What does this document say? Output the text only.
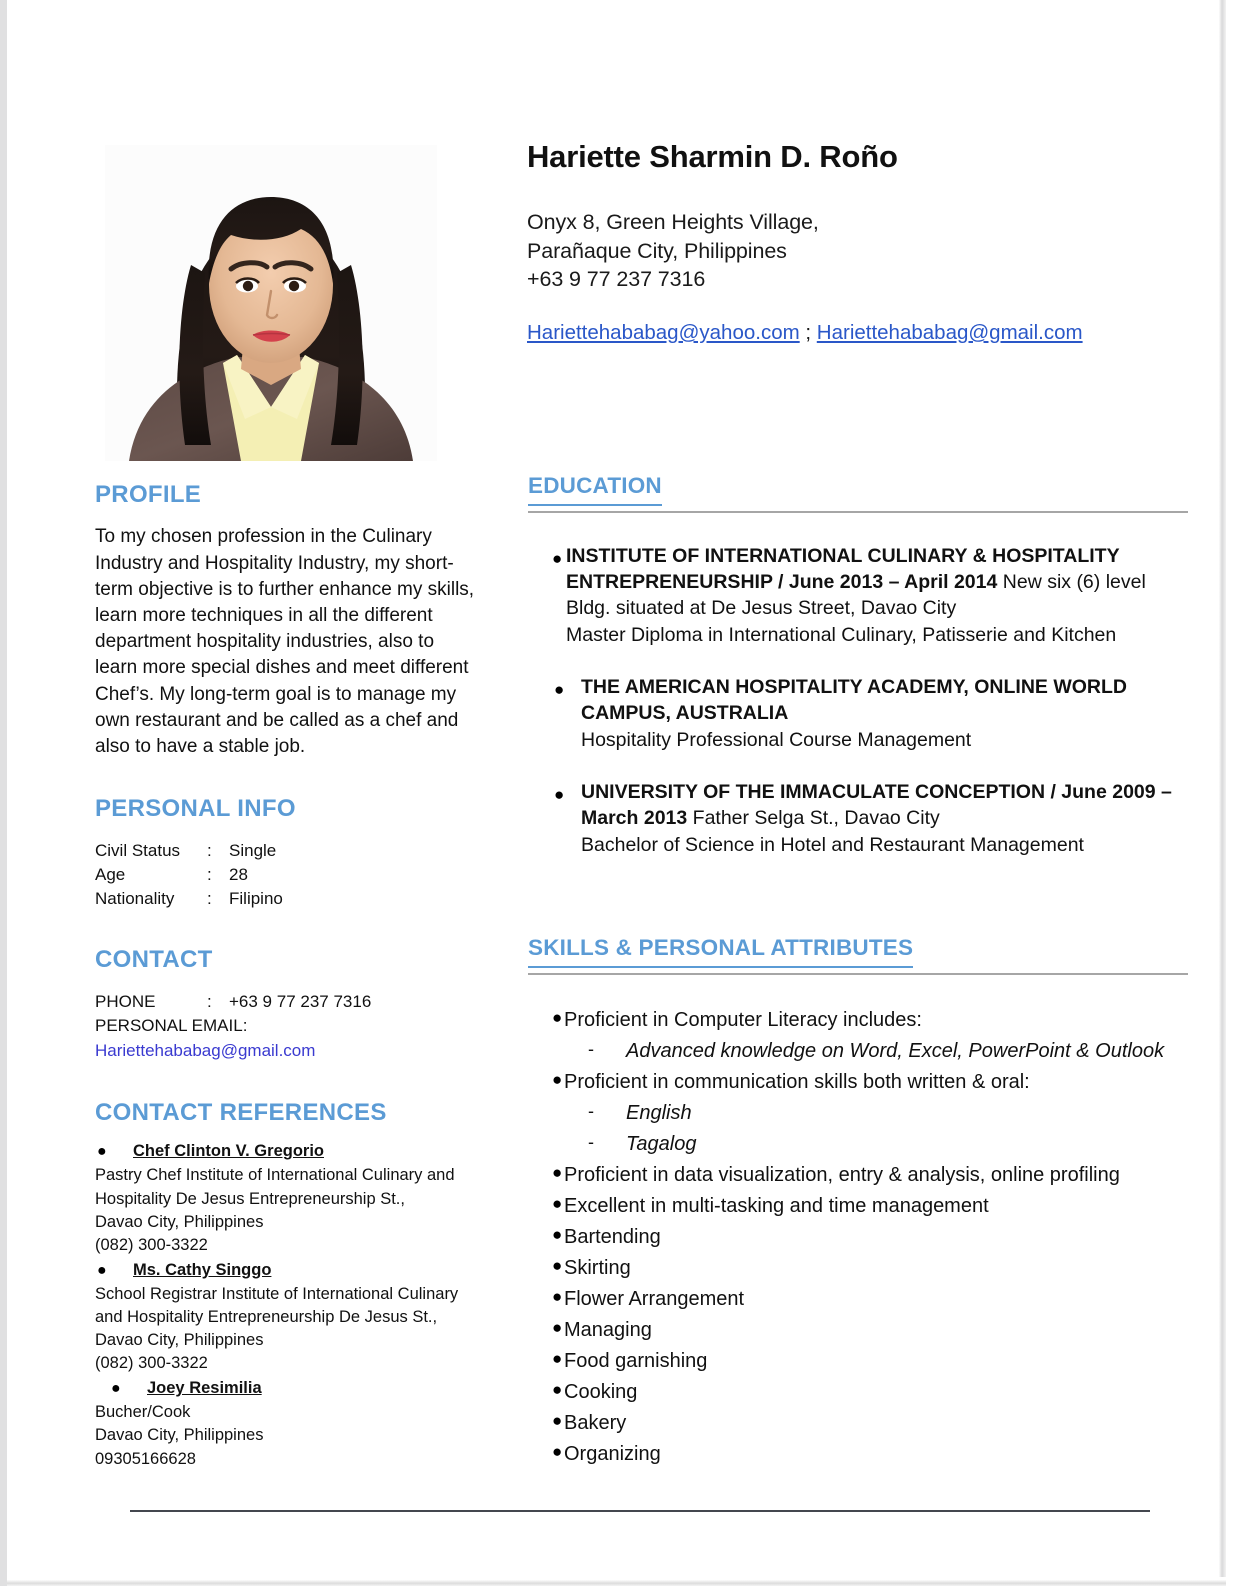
Hariette Sharmin D. Roño
Onyx 8, Green Heights Village,
Parañaque City, Philippines
+63 9 77 237 7316
Hariettehababag@yahoo.com ; Hariettehababag@gmail.com
PROFILE

To my chosen profession in the Culinary Industry and Hospitality Industry, my short-term objective is to further enhance my skills, learn more techniques in all the different department hospitality industries, also to learn more special dishes and meet different Chef’s. My long-term goal is to manage my own restaurant and be called as a chef and also to have a stable job.

PERSONAL INFO
Civil Status	:	Single
Age	:	28
Nationality	:	Filipino
CONTACT
PHONE	:	+63 9 77 237 7316
PERSONAL EMAIL:
Hariettehababag@gmail.com
CONTACT REFERENCES
●	Chef Clinton V. Gregorio
Pastry Chef Institute of International Culinary and
Hospitality De Jesus Entrepreneurship St.,
Davao City, Philippines
(082) 300-3322
●	Ms. Cathy Singgo
School Registrar Institute of International Culinary
and Hospitality Entrepreneurship De Jesus St.,
Davao City, Philippines
(082) 300-3322
●	Joey Resimilia
Bucher/Cook
Davao City, Philippines
09305166628
EDUCATION
● INSTITUTE OF INTERNATIONAL CULINARY & HOSPITALITY ENTREPRENEURSHIP / June 2013 – April 2014 New six (6) level Bldg. situated at De Jesus Street, Davao City
Master Diploma in International Culinary, Patisserie and Kitchen
● THE AMERICAN HOSPITALITY ACADEMY, ONLINE WORLD CAMPUS, AUSTRALIA
Hospitality Professional Course Management
● UNIVERSITY OF THE IMMACULATE CONCEPTION / June 2009 – March 2013 Father Selga St., Davao City
Bachelor of Science in Hotel and Restaurant Management
SKILLS & PERSONAL ATTRIBUTES
● Proficient in Computer Literacy includes:
-	Advanced knowledge on Word, Excel, PowerPoint & Outlook
● Proficient in communication skills both written & oral:
-	English
-	Tagalog
● Proficient in data visualization, entry & analysis, online profiling
● Excellent in multi-tasking and time management
● Bartending
● Skirting
● Flower Arrangement
● Managing
● Food garnishing
● Cooking
● Bakery
● Organizing
